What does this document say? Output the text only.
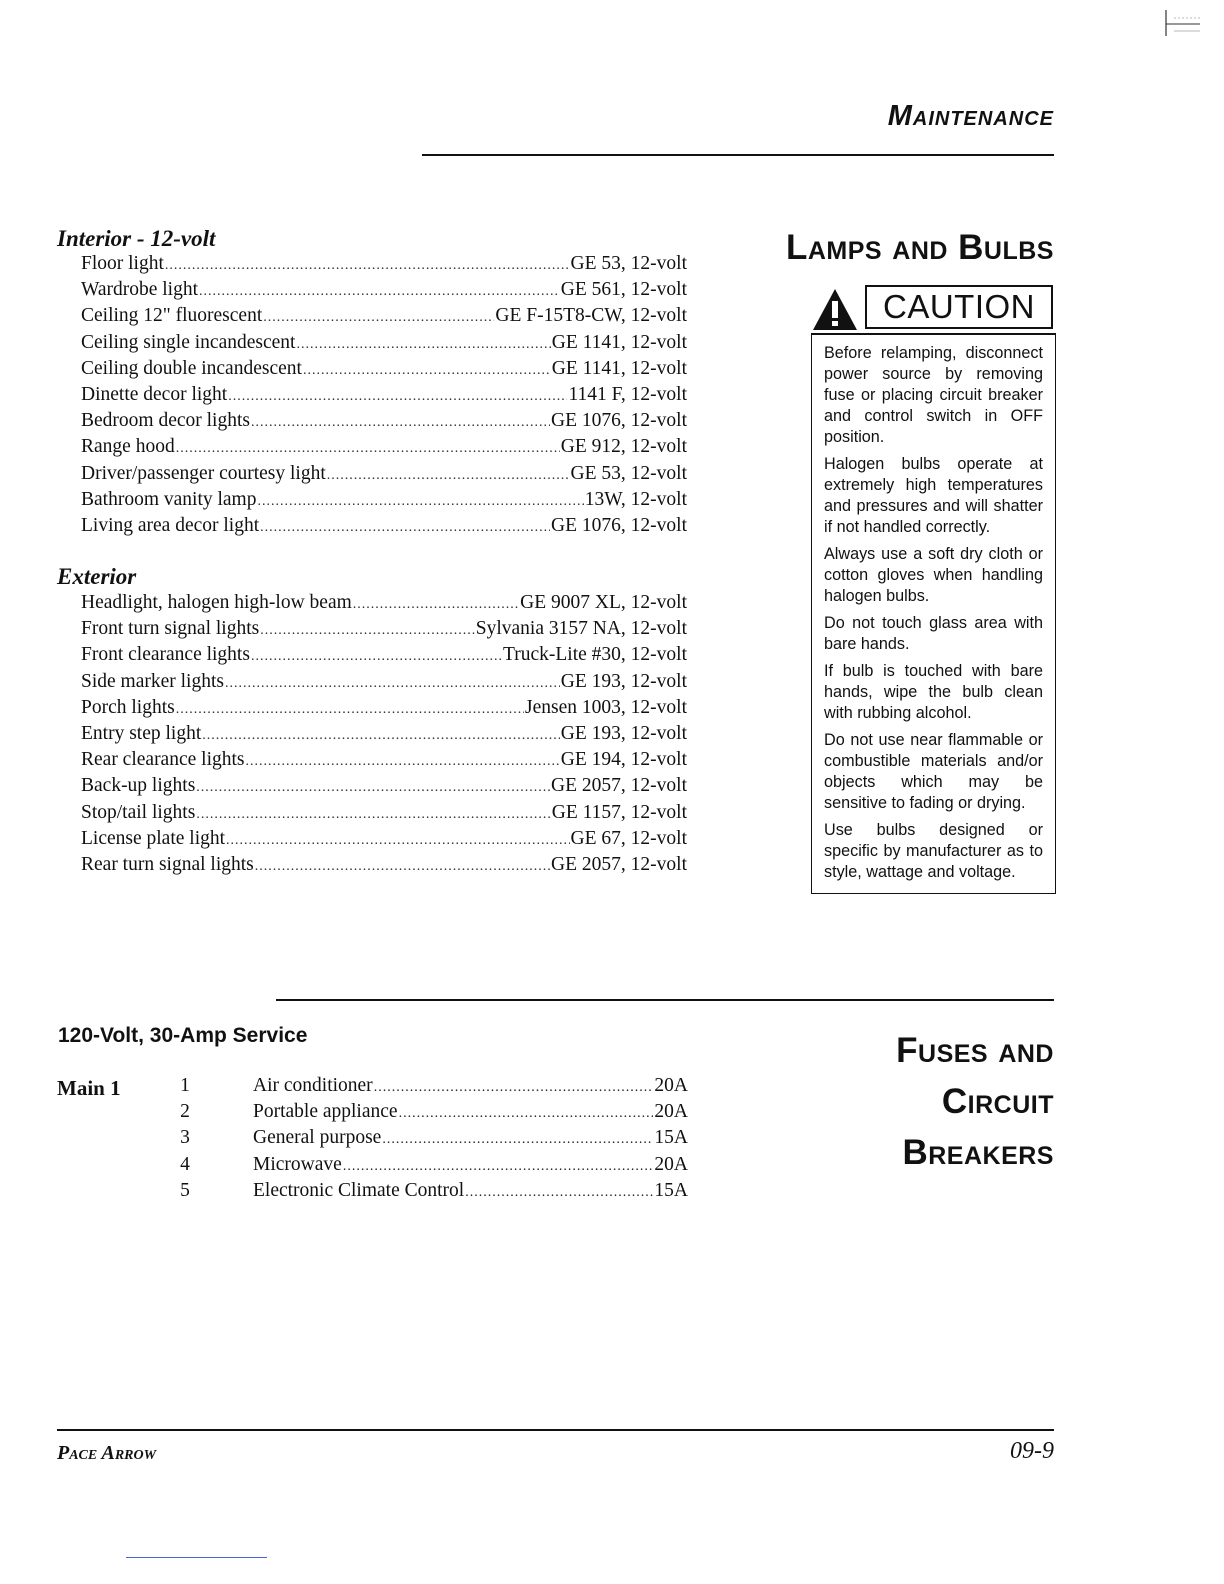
Maintenance
Lamps and Bulbs
Interior - 12-volt
Floor light .....	GE 53, 12-volt
Wardrobe light .....	GE 561, 12-volt
Ceiling 12" fluorescent .....	GE F-15T8-CW, 12-volt
Ceiling single incandescent .....	GE 1141, 12-volt
Ceiling double incandescent .....	GE 1141, 12-volt
Dinette decor light .....	1141 F, 12-volt
Bedroom decor lights .....	GE 1076, 12-volt
Range hood .....	GE 912, 12-volt
Driver/passenger courtesy light .....	GE 53, 12-volt
Bathroom vanity lamp .....	13W, 12-volt
Living area decor light .....	GE 1076, 12-volt
Exterior
Headlight, halogen high-low beam .....	GE 9007 XL, 12-volt
Front turn signal lights .....	Sylvania 3157 NA, 12-volt
Front clearance lights .....	Truck-Lite #30, 12-volt
Side marker lights .....	GE 193, 12-volt
Porch lights .....	Jensen 1003, 12-volt
Entry step light .....	GE 193, 12-volt
Rear clearance lights .....	GE 194, 12-volt
Back-up lights .....	GE 2057, 12-volt
Stop/tail lights .....	GE 1157, 12-volt
License plate light .....	GE 67, 12-volt
Rear turn signal lights .....	GE 2057, 12-volt
CAUTION

Before relamping, disconnect power source by removing fuse or placing circuit breaker and control switch in OFF position.

Halogen bulbs operate at extremely high temperatures and pressures and will shatter if not handled correctly.

Always use a soft dry cloth or cotton gloves when handling halogen bulbs.

Do not touch glass area with bare hands.

If bulb is touched with bare hands, wipe the bulb clean with rubbing alcohol.

Do not use near flammable or combustible materials and/or objects which may be sensitive to fading or drying.

Use bulbs designed or specific by manufacturer as to style, wattage and voltage.

Fuses and
Circuit
Breakers
120-Volt, 30-Amp Service
Main 1	1	Air conditioner .....	20A
2	Portable appliance .....	20A
3	General purpose .....	15A
4	Microwave .....	20A
5	Electronic Climate Control .....	15A
Pace Arrow	09-9
